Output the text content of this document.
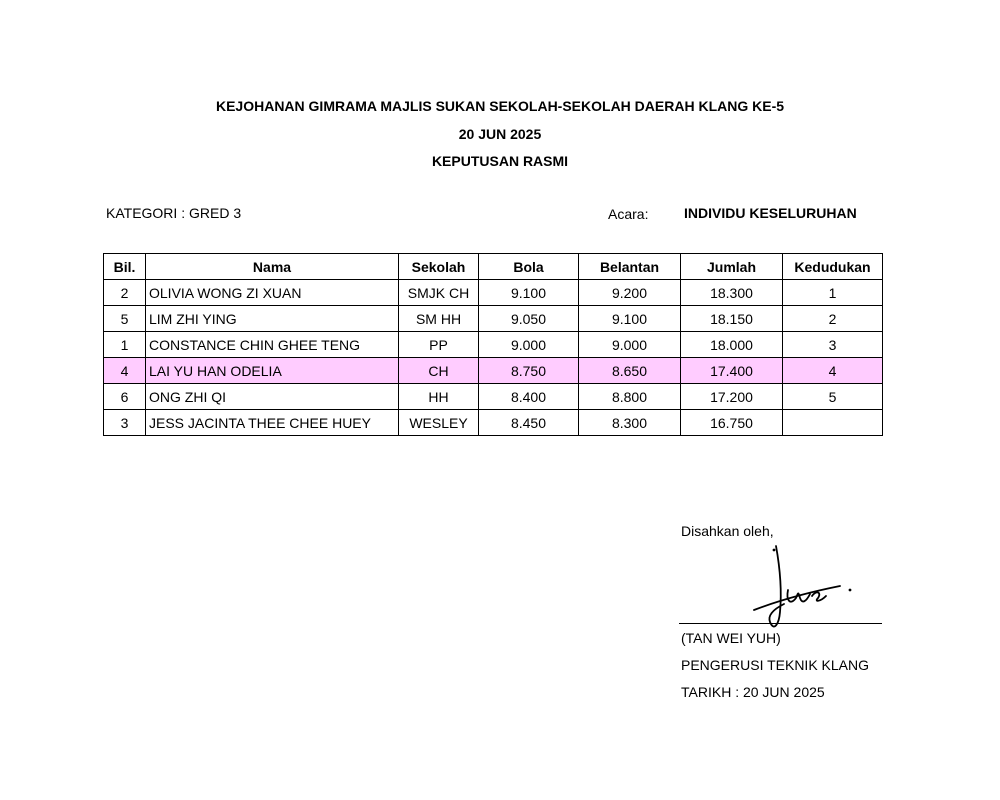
KEJOHANAN GIMRAMA MAJLIS SUKAN SEKOLAH-SEKOLAH DAERAH KLANG KE-5
20 JUN 2025
KEPUTUSAN RASMI
KATEGORI : GRED 3	Acara:	INDIVIDU KESELURUHAN
Bil.	Nama	Sekolah	Bola	Belantan	Jumlah	Kedudukan
2	OLIVIA WONG ZI XUAN	SMJK CH	9.100	9.200	18.300	1
5	LIM ZHI YING	SM HH	9.050	9.100	18.150	2
1	CONSTANCE CHIN GHEE TENG	PP	9.000	9.000	18.000	3
4	LAI YU HAN ODELIA	CH	8.750	8.650	17.400	4
6	ONG ZHI QI	HH	8.400	8.800	17.200	5
3	JESS JACINTA THEE CHEE HUEY	WESLEY	8.450	8.300	16.750	
Disahkan oleh,
(TAN WEI YUH)
PENGERUSI TEKNIK KLANG
TARIKH : 20 JUN 2025
